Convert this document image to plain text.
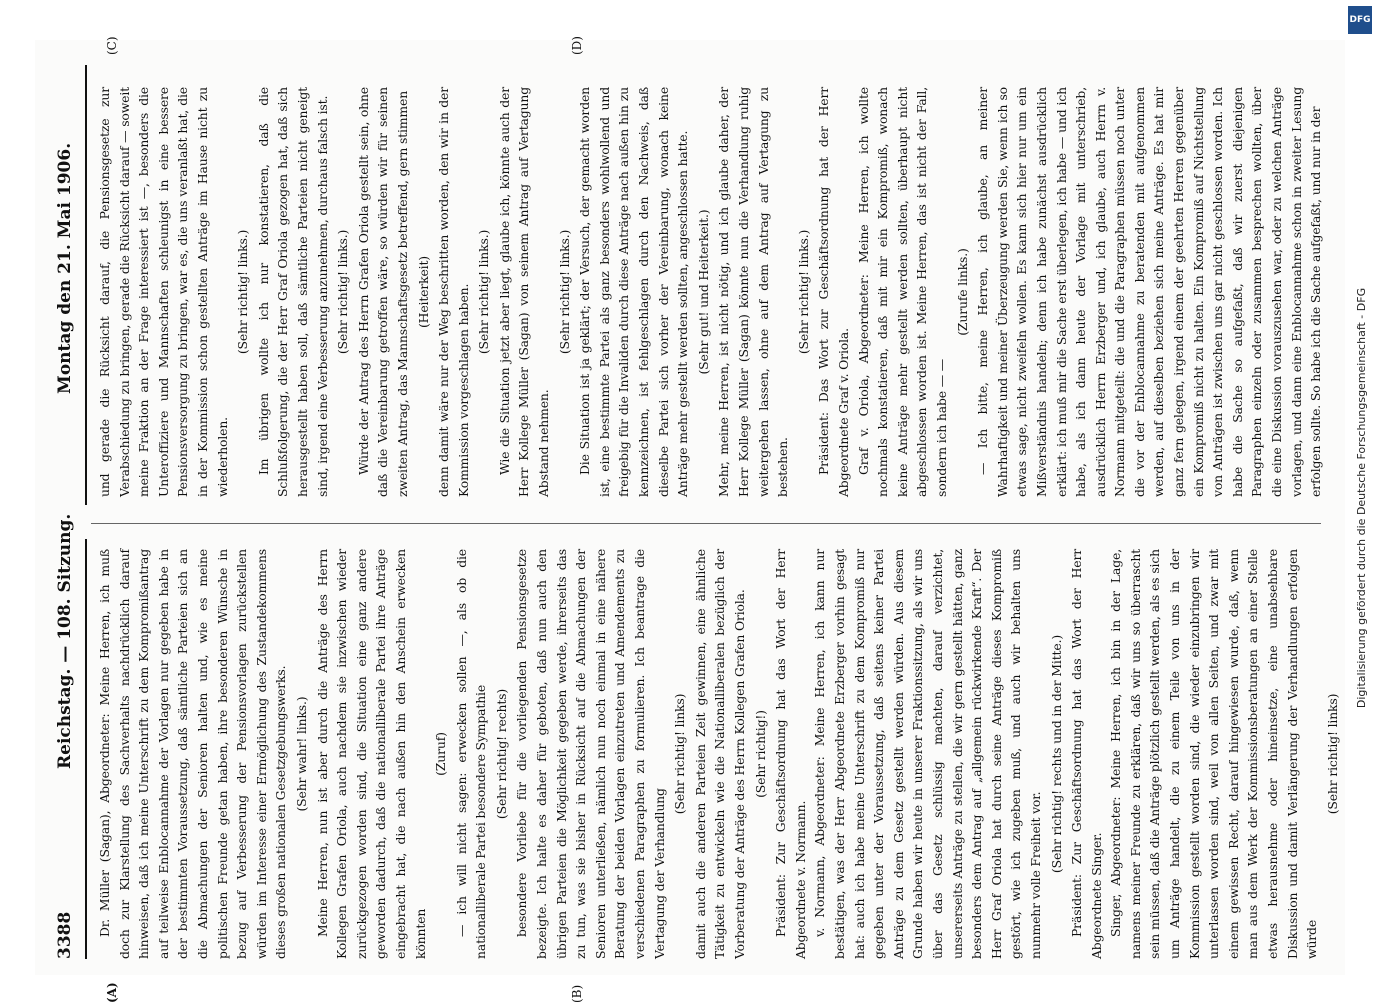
3388
Reichstag. — 108. Sitzung.
Montag den 21. Mai 1906.
(A)	(B)
(C)	(D)

Dr. Müller (Sagan), Abgeordneter: Meine Herren, ich muß doch zur Klarstellung des Sachverhalts nachdrücklich darauf hinweisen, daß ich meine Unterschrift zu dem Kompromißantrag auf teilweise Enblocannahme der Vorlagen nur gegeben habe in der bestimmten Voraussetzung, daß sämtliche Parteien sich an die Abmachungen der Senioren halten und, wie es meine politischen Freunde getan haben, ihre besonderen Wünsche in bezug auf Verbesserung der Pensionsvorlagen zurückstellen würden im Interesse einer Ermöglichung des Zustandekommens dieses großen nationalen Gesetzgebungswerks. (Sehr wahr! links.) Meine Herren, nun ist aber durch die Anträge des Herrn Kollegen Grafen Oriola, auch nachdem sie inzwischen wieder zurückgezogen worden sind, die Situation eine ganz andere geworden dadurch, daß die nationalliberale Partei ihre Anträge eingebracht hat, die nach außen hin den Anschein erwecken könnten

(Zuruf) — ich will nicht sagen: erwecken sollen —, als ob die nationalliberale Partei besondere Sympathie (Sehr richtig! rechts) besondere Vorliebe für die vorliegenden Pensionsgesetze bezeigte. Ich halte es daher für geboten, daß nun auch den übrigen Parteien die Möglichkeit gegeben werde, ihrerseits das zu tun, was sie bisher in Rücksicht auf die Abmachungen der Senioren unterließen, nämlich nun noch einmal in eine nähere Beratung der beiden Vorlagen einzutreten und Amendements zu verschiedenen Paragraphen zu formulieren. Ich beantrage die Vertagung der Verhandlung

(Sehr richtig! links) damit auch die anderen Parteien Zeit gewinnen, eine ähnliche Tätigkeit zu entwickeln wie die Nationalliberalen bezüglich der Vorberatung der Anträge des Herrn Kollegen Grafen Oriola. (Sehr richtig!) Präsident: Zur Geschäftsordnung hat das Wort der Herr Abgeordnete v. Normann. v. Normann, Abgeordneter: Meine Herren, ich kann nur bestätigen, was der Herr Abgeordnete Erzberger vorhin gesagt hat: auch ich habe meine Unterschrift zu dem Kompromiß nur gegeben unter der Voraussetzung, daß seitens keiner Partei Anträge zu dem Gesetz gestellt werden würden. Aus diesem Grunde haben wir heute in unserer Fraktionssitzung, als wir uns über das Gesetz schlüssig machten, darauf verzichtet, unsererseits Anträge zu stellen, die wir gern gestellt hätten, ganz besonders dem Antrag auf „allgemein rückwirkende Kraft“. Der Herr Graf Oriola hat durch seine Anträge dieses Kompromiß gestört, wie ich zugeben muß, und auch wir behalten uns nunmehr volle Freiheit vor.

(Sehr richtig! rechts und in der Mitte.) Präsident: Zur Geschäftsordnung hat das Wort der Herr Abgeordnete Singer. Singer, Abgeordneter: Meine Herren, ich bin in der Lage, namens meiner Freunde zu erklären, daß wir uns so überrascht sein müssen, daß die Anträge plötzlich gestellt werden, als es sich um Anträge handelt, die zu einem Teile von uns in der Kommission gestellt worden sind, die wieder einzubringen wir unterlassen worden sind, weil von allen Seiten, und zwar mit einem gewissen Recht, darauf hingewiesen wurde, daß, wenn man aus dem Werk der Kommissionsberatungen an einer Stelle etwas herausnehme oder hineinsetze, eine unabsehbare Diskussion und damit Verlängerung der Verhandlungen erfolgen würde

(Sehr richtig! links)

und gerade die Rücksicht darauf, die Pensionsgesetze zur Verabschiedung zu bringen, gerade die Rücksicht darauf — soweit meine Fraktion an der Frage interessiert ist —, besonders die Unteroffiziere und Mannschaften schleunigst in eine bessere Pensionsversorgung zu bringen, war es, die uns veranlaßt hat, die in der Kommission schon gestellten Anträge im Hause nicht zu wiederholen.

(Sehr richtig! links.) Im übrigen wollte ich nur konstatieren, daß die Schlußfolgerung, die der Herr Graf Oriola gezogen hat, daß sich herausgestellt haben soll, daß sämtliche Parteien nicht geneigt sind, irgend eine Verbesserung anzunehmen, durchaus falsch ist. (Sehr richtig! links.) Würde der Antrag des Herrn Grafen Oriola gestellt sein, ohne daß die Vereinbarung getroffen wäre, so würden wir für seinen zweiten Antrag, das Mannschaftsgesetz betreffend, gern stimmen (Heiterkeit) denn damit wäre nur der Weg beschritten worden, den wir in der Kommission vorgeschlagen haben. (Sehr richtig! links.) Wie die Situation jetzt aber liegt, glaube ich, könnte auch der Herr Kollege Müller (Sagan) von seinem Antrag auf Vertagung Abstand nehmen.

(Sehr richtig! links.) Die Situation ist ja geklärt; der Versuch, der gemacht worden ist, eine bestimmte Partei als ganz besonders wohlwollend und freigebig für die Invaliden durch diese Anträge nach außen hin zu kennzeichnen, ist fehlgeschlagen durch den Nachweis, daß dieselbe Partei sich vorher der Vereinbarung, wonach keine Anträge mehr gestellt werden sollten, angeschlossen hatte. (Sehr gut! und Heiterkeit.) Mehr, meine Herren, ist nicht nötig, und ich glaube daher, der Herr Kollege Müller (Sagan) könnte nun die Verhandlung ruhig weitergehen lassen, ohne auf dem Antrag auf Vertagung zu bestehen.

(Sehr richtig! links.) Präsident: Das Wort zur Geschäftsordnung hat der Herr Abgeordnete Graf v. Oriola. Graf v. Oriola, Abgeordneter: Meine Herren, ich wollte nochmals konstatieren, daß mit mir ein Kompromiß, wonach keine Anträge mehr gestellt werden sollten, überhaupt nicht abgeschlossen worden ist. Meine Herren, das ist nicht der Fall, sondern ich habe — —

(Zurufe links.) — Ich bitte, meine Herren, ich glaube, an meiner Wahrhaftigkeit und meiner Überzeugung werden Sie, wenn ich so etwas sage, nicht zweifeln wollen. Es kann sich hier nur um ein Mißverständnis handeln; denn ich habe zunächst ausdrücklich erklärt: ich muß mir die Sache erst überlegen, ich habe — und ich habe, als ich dann heute der Vorlage mit unterschrieb, ausdrücklich Herrn Erzberger und, ich glaube, auch Herrn v. Normann mitgeteilt: die und die Paragraphen müssen noch unter die vor der Enblocannahme zu beratenden mit aufgenommen werden, auf dieselben beziehen sich meine Anträge. Es hat mir ganz fern gelegen, irgend einem der geehrten Herren gegenüber ein Kompromiß nicht zu halten. Ein Kompromiß auf Nichtstellung von Anträgen ist zwischen uns gar nicht geschlossen worden. Ich habe die Sache so aufgefaßt, daß wir zuerst diejenigen Paragraphen einzeln oder zusammen besprechen wollten, über die eine Diskussion vorauszusehen war, oder zu welchen Anträge vorlagen, und dann eine Enblocannahme schon in zweiter Lesung erfolgen sollte. So habe ich die Sache aufgefaßt, und nur in der

DFG
Digitalisierung gefördert durch die Deutsche Forschungsgemeinschaft - DFG
